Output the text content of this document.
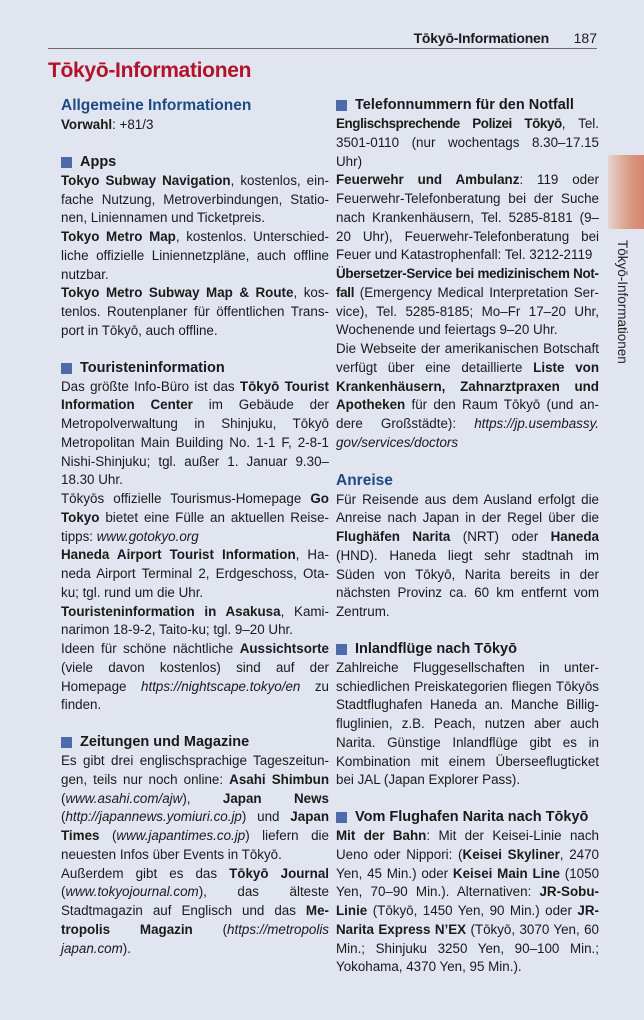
Tōkyō-Informationen 187
Tōkyō-Informationen
Tōkyō-Informationen
Allgemeine Informationen

Vorwahl: +81/3

Apps

Tokyo Subway Navigation, kostenlos, einfache Nutzung, Metroverbindungen, Stationen, Liniennamen und Ticketpreis.

Tokyo Metro Map, kostenlos. Unterschiedliche offizielle Liniennetzpläne, auch offline nutzbar.

Tokyo Metro Subway Map & Route, kostenlos. Routenplaner für öffentlichen Transport in Tōkyō, auch offline.

Touristeninformation

Das größte Info-Büro ist das Tōkyō Tourist Information Center im Gebäude der Metropolverwaltung in Shinjuku, Tōkyō Metropolitan Main Building No. 1-1 F, 2-8-1 Nishi-Shinjuku; tgl. außer 1. Januar 9.30–18.30 Uhr.

Tōkyōs offizielle Tourismus-Homepage Go Tokyo bietet eine Fülle an aktuellen Reisetipps: www.gotokyo.org

Haneda Airport Tourist Information, Haneda Airport Terminal 2, Erdgeschoss, Otaku; tgl. rund um die Uhr.

Touristeninformation in Asakusa, Kaminarimon 18-9-2, Taito-ku; tgl. 9–20 Uhr.

Ideen für schöne nächtliche Aussichtsorte (viele davon kostenlos) sind auf der Homepage https://nightscape.tokyo/en zu finden.

Zeitungen und Magazine

Es gibt drei englischsprachige Tageszeitungen, teils nur noch online: Asahi Shimbun (www.asahi.com/ajw), Japan News (http://japannews.yomiuri.co.jp) und Japan Times (www.japantimes.co.jp) liefern die neuesten Infos über Events in Tōkyō.

Außerdem gibt es das Tōkyō Journal (www.tokyojournal.com), das älteste Stadtmagazin auf Englisch und das Metropolis Magazin (https://metropolis japan.com).

Telefonnummern für den Notfall

Englischsprechende Polizei Tōkyō, Tel. 3501-0110 (nur wochentags 8.30–17.15 Uhr)

Feuerwehr und Ambulanz: 119 oder Feuerwehr-Telefonberatung bei der Suche nach Krankenhäusern, Tel. 5285-8181 (9–20 Uhr), Feuerwehr-Telefonberatung bei Feuer und Katastrophenfall: Tel. 3212-2119

Übersetzer-Service bei medizinischem Notfall (Emergency Medical Interpretation Service), Tel. 5285-8185; Mo–Fr 17–20 Uhr, Wochenende und feiertags 9–20 Uhr.

Die Webseite der amerikanischen Botschaft verfügt über eine detaillierte Liste von Krankenhäusern, Zahnarztpraxen und Apotheken für den Raum Tōkyō (und andere Großstädte): https://jp.usembassy. gov/services/doctors

Anreise

Für Reisende aus dem Ausland erfolgt die Anreise nach Japan in der Regel über die Flughäfen Narita (NRT) oder Haneda (HND). Haneda liegt sehr stadtnah im Süden von Tōkyō, Narita bereits in der nächsten Provinz ca. 60 km entfernt vom Zentrum.

Inlandflüge nach Tōkyō

Zahlreiche Fluggesellschaften in unterschiedlichen Preiskategorien fliegen Tōkyōs Stadtflughafen Haneda an. Manche Billigfluglinien, z.B. Peach, nutzen aber auch Narita. Günstige Inlandflüge gibt es in Kombination mit einem Überseeflugticket bei JAL (Japan Explorer Pass).

Vom Flughafen Narita nach Tōkyō

Mit der Bahn: Mit der Keisei-Linie nach Ueno oder Nippori: (Keisei Skyliner, 2470 Yen, 45 Min.) oder Keisei Main Line (1050 Yen, 70–90 Min.). Alternativen: JR-Sobu-Linie (Tōkyō, 1450 Yen, 90 Min.) oder JR-Narita Express N’EX (Tōkyō, 3070 Yen, 60 Min.; Shinjuku 3250 Yen, 90–100 Min.; Yokohama, 4370 Yen, 95 Min.).
